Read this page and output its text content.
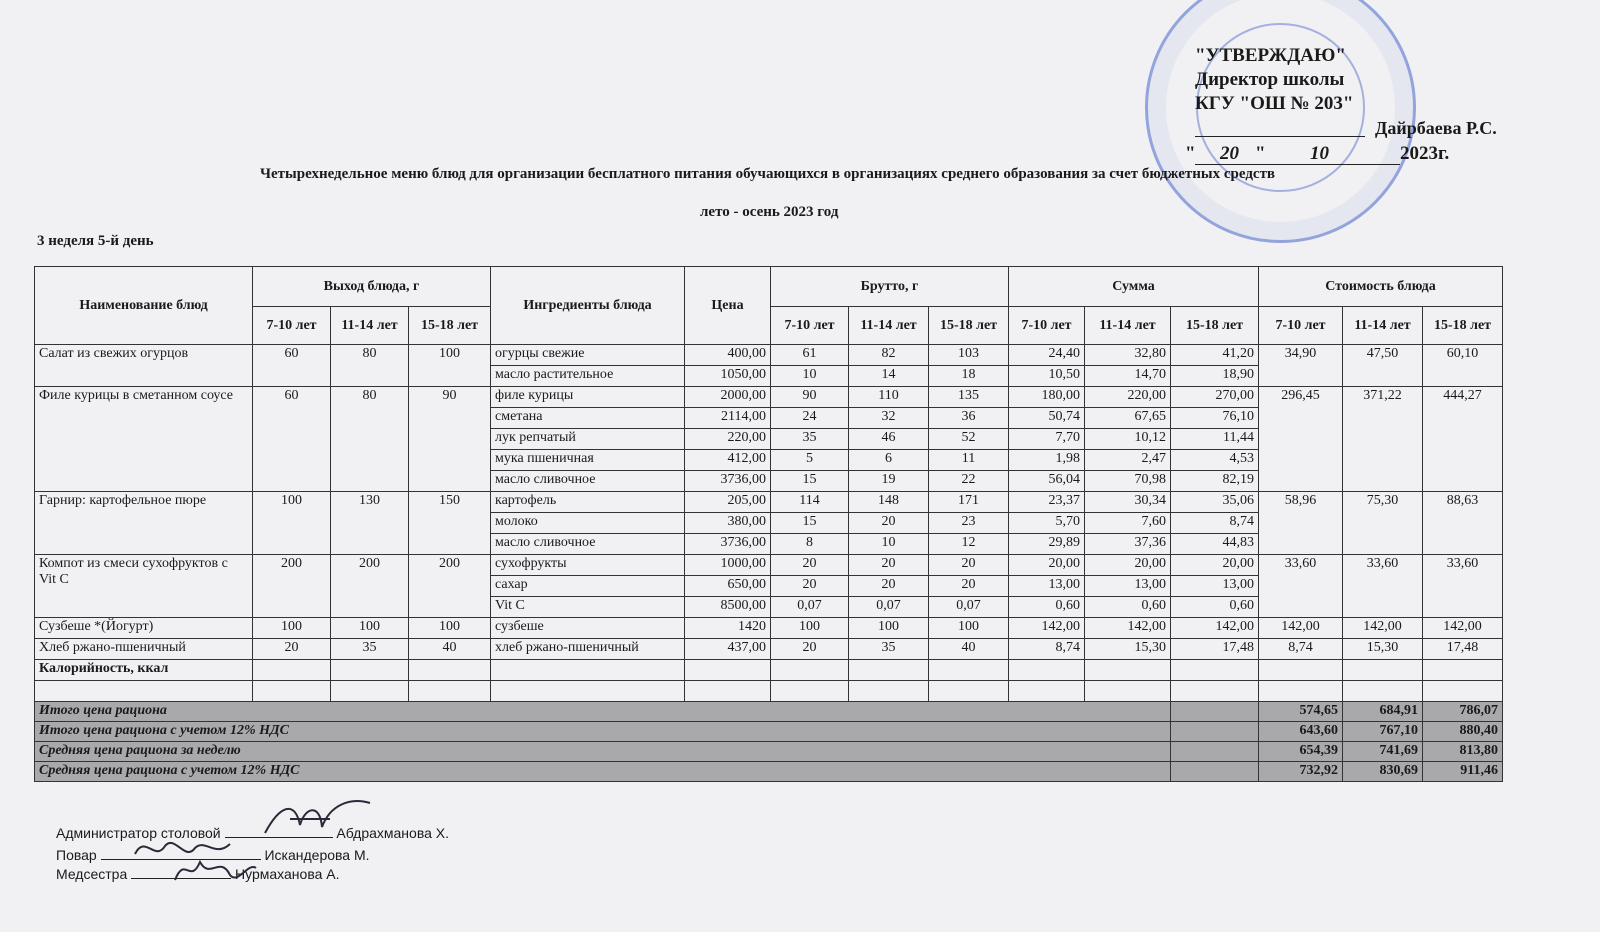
"УТВЕРЖДАЮ"
Директор школы
КГУ "ОШ № 203"
Дайрбаева Р.С.
" 20 " 10	2023г.
Четырехнедельное меню блюд для организации бесплатного питания обучающихся в организациях среднего образования за счет бюджетных средств
лето - осень 2023 год
3 неделя 5-й день
Наименование блюд	Выход блюда, г			Ингредиенты блюда	Цена	Брутто, г			Сумма			Стоимость блюда		
	7-10 лет	11-14 лет	15-18 лет			7-10 лет	11-14 лет	15-18 лет	7-10 лет	11-14 лет	15-18 лет	7-10 лет	11-14 лет	15-18 лет
Салат из свежих огурцов	60	80	100	огурцы свежие	400,00	61	82	103	24,40	32,80	41,20	34,90	47,50	60,10
				масло растительное	1050,00	10	14	18	10,50	14,70	18,90			
Филе курицы в сметанном соусе	60	80	90	филе курицы	2000,00	90	110	135	180,00	220,00	270,00	296,45	371,22	444,27
				сметана	2114,00	24	32	36	50,74	67,65	76,10			
				лук репчатый	220,00	35	46	52	7,70	10,12	11,44			
				мука пшеничная	412,00	5	6	11	1,98	2,47	4,53			
				масло сливочное	3736,00	15	19	22	56,04	70,98	82,19			
Гарнир: картофельное пюре	100	130	150	картофель	205,00	114	148	171	23,37	30,34	35,06	58,96	75,30	88,63
				молоко	380,00	15	20	23	5,70	7,60	8,74			
				масло сливочное	3736,00	8	10	12	29,89	37,36	44,83			
Компот из смеси сухофруктов с Vit C	200	200	200	сухофрукты	1000,00	20	20	20	20,00	20,00	20,00	33,60	33,60	33,60
				сахар	650,00	20	20	20	13,00	13,00	13,00			
				Vit C	8500,00	0,07	0,07	0,07	0,60	0,60	0,60			
Сузбеше *(Йогурт)	100	100	100	сузбеше	1420	100	100	100	142,00	142,00	142,00	142,00	142,00	142,00
Хлеб ржано-пшеничный	20	35	40	хлеб ржано-пшеничный	437,00	20	35	40	8,74	15,30	17,48	8,74	15,30	17,48
Калорийность, ккал														

Итого цена рациона												574,65	684,91	786,07
Итого цена рациона с учетом 12% НДС												643,60	767,10	880,40
Средняя цена рациона за неделю												654,39	741,69	813,80
Средняя цена рациона с учетом 12% НДС												732,92	830,69	911,46
Администратор столовой	Абдрахманова Х.
Повар	Искандерова М.
Медсестра	Нурмаханова А.
